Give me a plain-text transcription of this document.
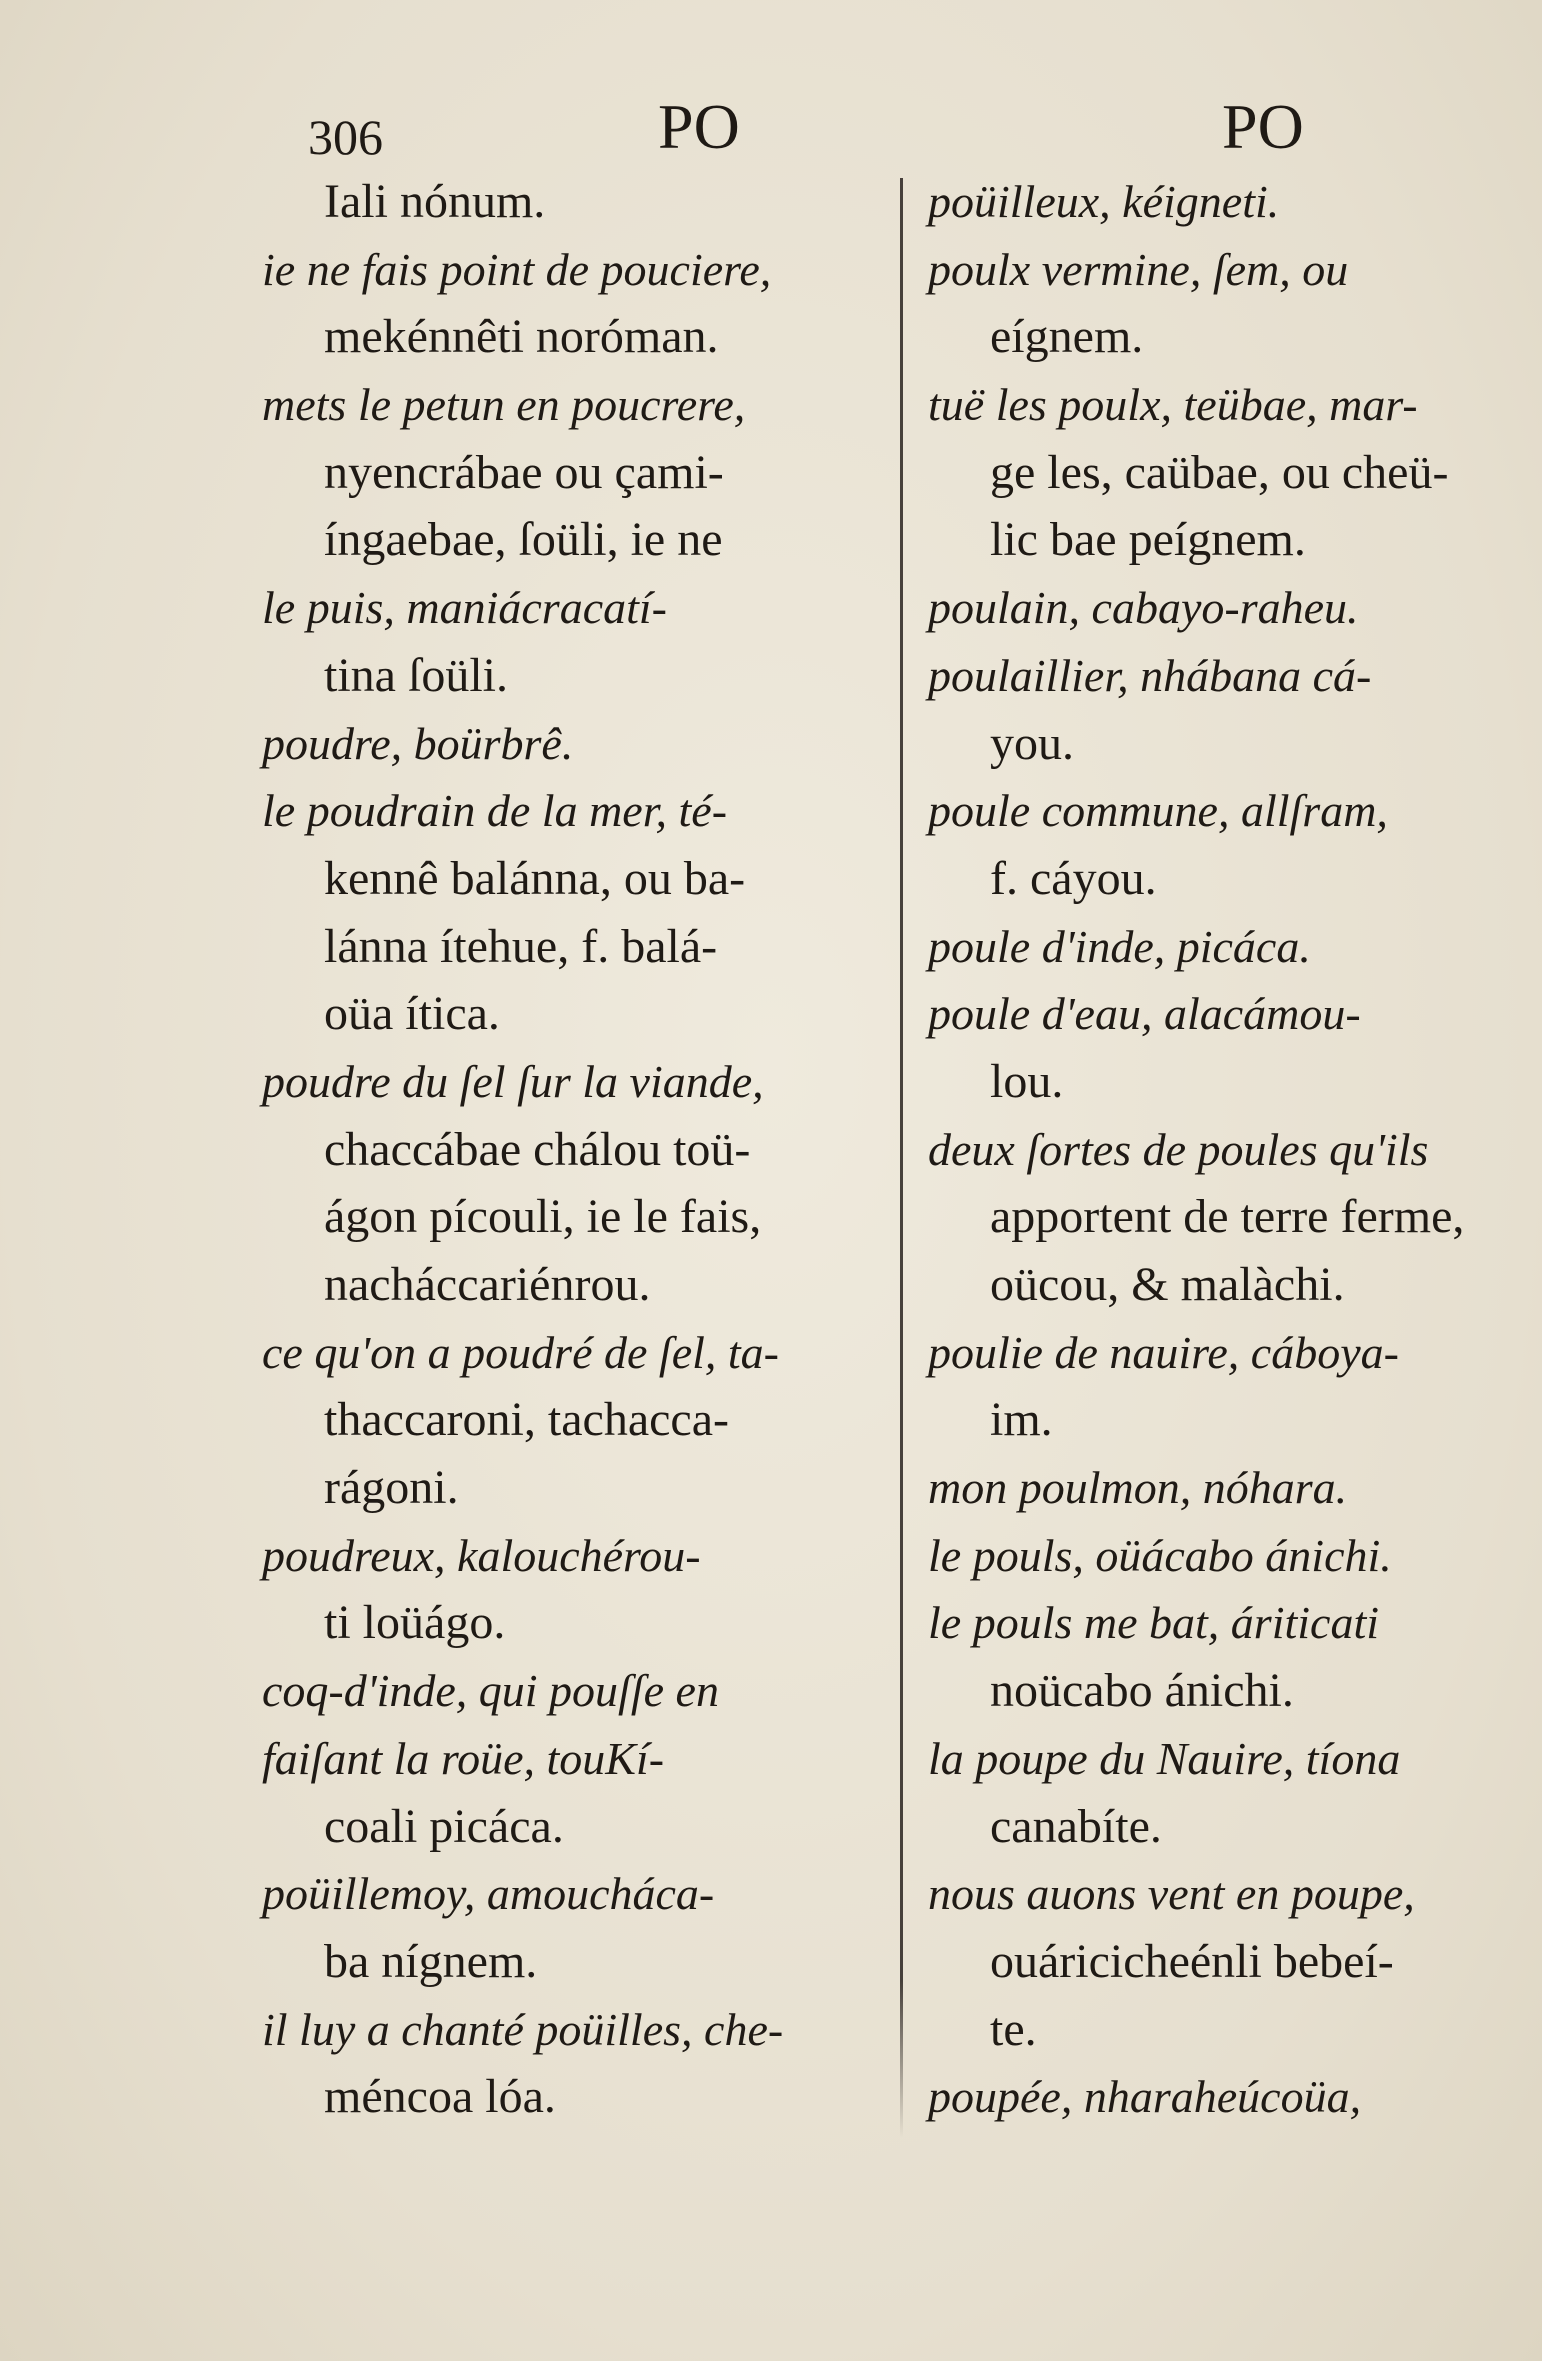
306	PO	PO
Iali nónum.
ie ne fais point de pouciere,
mekénnêti noróman.
mets le petun en poucrere,
nyencrábae ou çami-
íngaebae, ſoüli, ie ne
le puis, maniácracatí-
tina ſoüli.
poudre, boürbrê.
le poudrain de la mer, té-
kennê balánna, ou ba-
lánna ítehue, f. balá-
oüa ítica.
poudre du ſel ſur la viande,
chaccábae chálou toü-
ágon pícouli, ie le fais,
nacháccariénrou.
ce qu'on a poudré de ſel, ta-
thaccaroni, tachacca-
rágoni.
poudreux, kalouchérou-
ti loüágo.
coq-d'inde, qui pouſſe en
faiſant la roüe, touKí-
coali picáca.
poüillemoy, amoucháca-
ba nígnem.
il luy a chanté poüilles, che-
méncoa lóa.
poüilleux, kéigneti.
poulx vermine, ſem, ou
eígnem.
tuë les poulx, teübae, mar-
ge les, caübae, ou cheü-
lic bae peígnem.
poulain, cabayo-raheu.
poulaillier, nhábana cá-
you.
poule commune, allſram,
f. cáyou.
poule d'inde, picáca.
poule d'eau, alacámou-
lou.
deux ſortes de poules qu'ils
apportent de terre ferme,
oücou, & malàchi.
poulie de nauire, cáboya-
im.
mon poulmon, nóhara.
le pouls, oüácabo ánichi.
le pouls me bat, áriticati
noücabo ánichi.
la poupe du Nauire, tíona
canabíte.
nous auons vent en poupe,
ouáricicheénli bebeí-
te.
poupée, nharaheúcoüa,
